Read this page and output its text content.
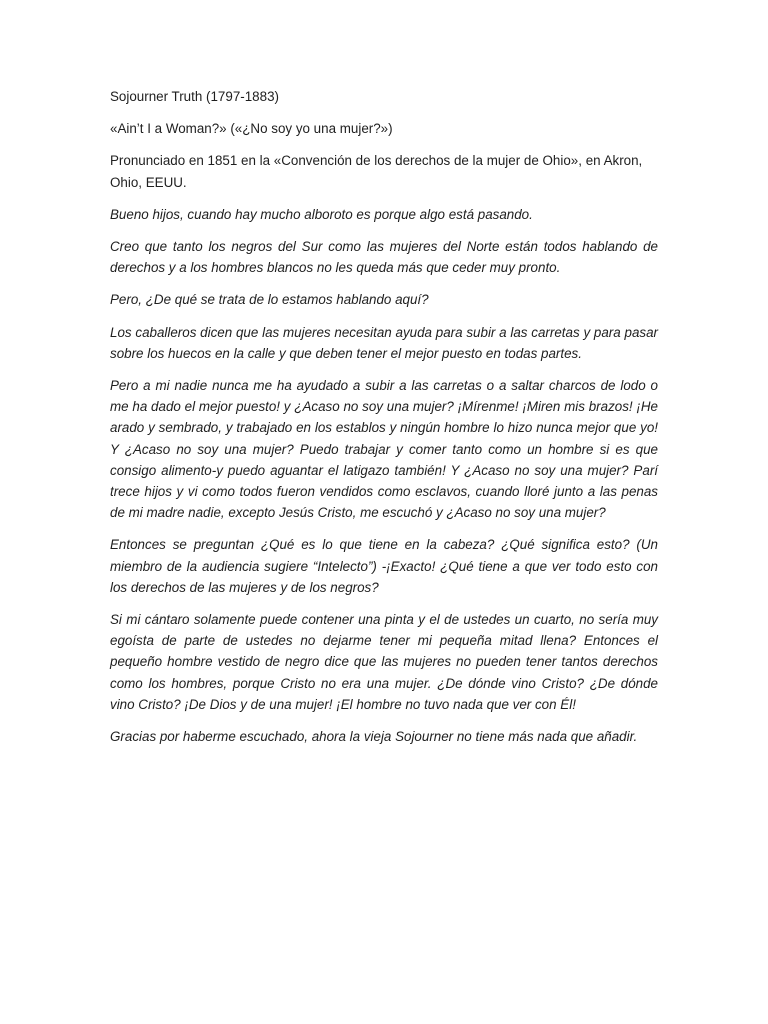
Sojourner Truth (1797-1883)

«Ain’t I a Woman?» («¿No soy yo una mujer?»)

Pronunciado en 1851 en la «Convención de los derechos de la mujer de Ohio», en Akron, Ohio, EEUU.

Bueno hijos, cuando hay mucho alboroto es porque algo está pasando.

Creo que tanto los negros del Sur como las mujeres del Norte están todos hablando de derechos y a los hombres blancos no les queda más que ceder muy pronto.

Pero, ¿De qué se trata de lo estamos hablando aquí?

Los caballeros dicen que las mujeres necesitan ayuda para subir a las carretas y para pasar sobre los huecos en la calle y que deben tener el mejor puesto en todas partes.

Pero a mi nadie nunca me ha ayudado a subir a las carretas o a saltar charcos de lodo o me ha dado el mejor puesto! y ¿Acaso no soy una mujer? ¡Mírenme! ¡Miren mis brazos! ¡He arado y sembrado, y trabajado en los establos y ningún hombre lo hizo nunca mejor que yo! Y ¿Acaso no soy una mujer? Puedo trabajar y comer tanto como un hombre si es que consigo alimento-y puedo aguantar el latigazo también! Y ¿Acaso no soy una mujer? Parí trece hijos y vi como todos fueron vendidos como esclavos, cuando lloré junto a las penas de mi madre nadie, excepto Jesús Cristo, me escuchó y ¿Acaso no soy una mujer?

Entonces se preguntan ¿Qué es lo que tiene en la cabeza? ¿Qué significa esto? (Un miembro de la audiencia sugiere “Intelecto”) -¡Exacto! ¿Qué tiene a que ver todo esto con los derechos de las mujeres y de los negros?

Si mi cántaro solamente puede contener una pinta y el de ustedes un cuarto, no sería muy egoísta de parte de ustedes no dejarme tener mi pequeña mitad llena? Entonces el pequeño hombre vestido de negro dice que las mujeres no pueden tener tantos derechos como los hombres, porque Cristo no era una mujer. ¿De dónde vino Cristo? ¿De dónde vino Cristo? ¡De Dios y de una mujer! ¡El hombre no tuvo nada que ver con Él!

Gracias por haberme escuchado, ahora la vieja Sojourner no tiene más nada que añadir.
